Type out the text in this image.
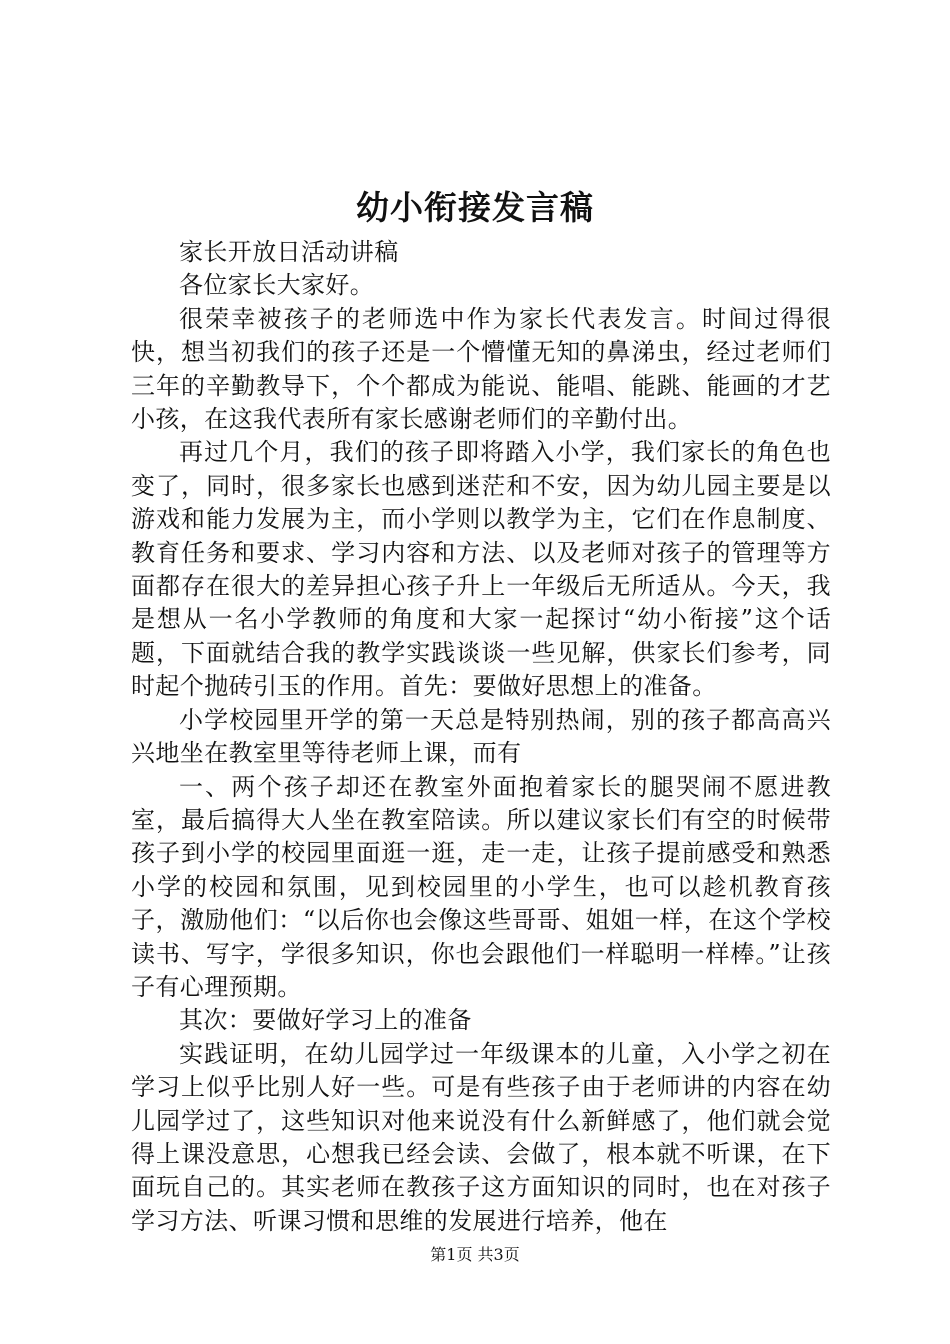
幼小衔接发言稿

家长开放日活动讲稿

各位家长大家好。

很荣幸被孩子的老师选中作为家长代表发言。时间过得很快，想当初我们的孩子还是一个懵懂无知的鼻涕虫，经过老师们三年的辛勤教导下，个个都成为能说、能唱、能跳、能画的才艺小孩，在这我代表所有家长感谢老师们的辛勤付出。

再过几个月，我们的孩子即将踏入小学，我们家长的角色也变了，同时，很多家长也感到迷茫和不安，因为幼儿园主要是以游戏和能力发展为主，而小学则以教学为主，它们在作息制度、教育任务和要求、学习内容和方法、以及老师对孩子的管理等方面都存在很大的差异担心孩子升上一年级后无所适从。今天，我是想从一名小学教师的角度和大家一起探讨“幼小衔接”这个话题，下面就结合我的教学实践谈谈一些见解，供家长们参考，同时起个抛砖引玉的作用。首先：要做好思想上的准备。

小学校园里开学的第一天总是特别热闹，别的孩子都高高兴兴地坐在教室里等待老师上课，而有

一、两个孩子却还在教室外面抱着家长的腿哭闹不愿进教室，最后搞得大人坐在教室陪读。所以建议家长们有空的时候带孩子到小学的校园里面逛一逛，走一走，让孩子提前感受和熟悉小学的校园和氛围，见到校园里的小学生，也可以趁机教育孩子，激励他们：“以后你也会像这些哥哥、姐姐一样，在这个学校读书、写字，学很多知识，你也会跟他们一样聪明一样棒。”让孩子有心理预期。

其次：要做好学习上的准备

实践证明，在幼儿园学过一年级课本的儿童，入小学之初在学习上似乎比别人好一些。可是有些孩子由于老师讲的内容在幼儿园学过了，这些知识对他来说没有什么新鲜感了，他们就会觉得上课没意思，心想我已经会读、会做了，根本就不听课，在下面玩自己的。其实老师在教孩子这方面知识的同时，也在对孩子学习方法、听课习惯和思维的发展进行培养，他在

第1页 共3页
